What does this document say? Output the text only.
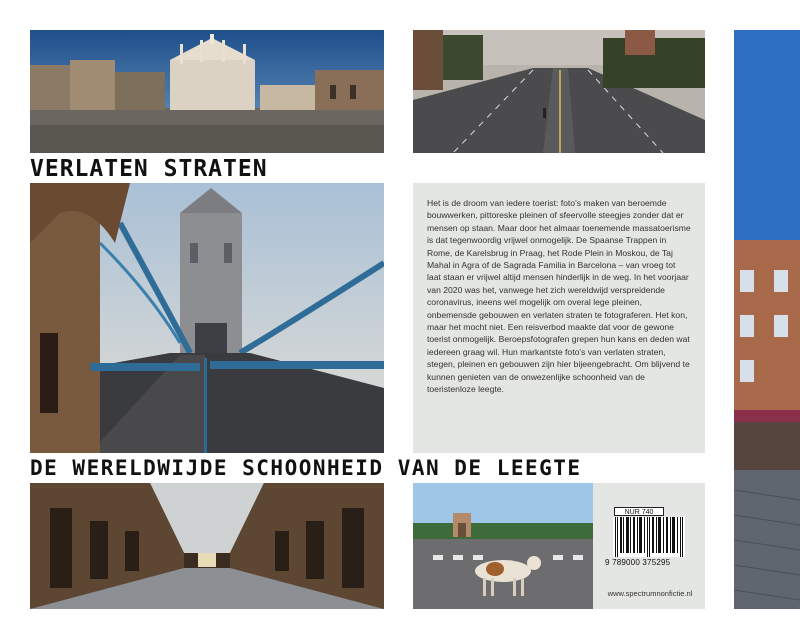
VERLATEN STRATEN

Het is de droom van iedere toerist: foto's maken van beroemde bouwwerken, pittoreske pleinen of sfeervolle steegjes zonder dat er mensen op staan. Maar door het almaar toenemende massatoerisme is dat tegenwoordig vrijwel onmogelijk. De Spaanse Trappen in Rome, de Karelsbrug in Praag, het Rode Plein in Moskou, de Taj Mahal in Agra of de Sagrada Familia in Barcelona – van vroeg tot laat staan er vrijwel altijd mensen hinderlijk in de weg. In het voorjaar van 2020 was het, vanwege het zich wereldwijd verspreidende coronavirus, ineens wel mogelijk om overal lege pleinen, onbemensde gebouwen en verlaten straten te fotograferen. Het kon, maar het mocht niet. Een reisverbod maakte dat voor de gewone toerist onmogelijk. Beroepsfotografen grepen hun kans en deden wat iedereen graag wil. Hun markantste foto's van verlaten straten, stegen, pleinen en gebouwen zijn hier bijeengebracht. Om blijvend te kunnen genieten van de onwezenlijke schoonheid van de toeristenloze leegte.

DE WERELDWIJDE SCHOONHEID VAN DE LEEGTE
NUR 740
9 789000 375295
www.spectrumnonfictie.nl
